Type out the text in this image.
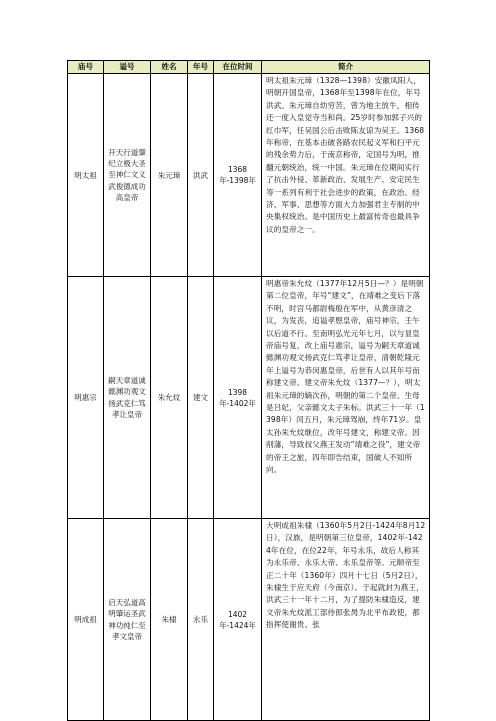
庙号	谥号	姓名	年号	在位时间	简介
明太祖	开天行道肇纪立极大圣至神仁文义武俊德成功高皇帝	朱元璋	洪武	1368年-1398年	明太祖朱元璋（1328—1398）安徽凤阳人，明朝开国皇帝，1368年至1398年在位，年号洪武。朱元璋自幼穷苦，曾为地主放牛，相传还一度入皇觉寺当和尚。25岁时参加郭子兴的红巾军，任吴国公后击败陈友谅为吴王。1368年称帝，在基本击破各路农民起义军和扫平元的残余势力后，于南京称帝，定国号为明，推翻元朝统治，统一中国。朱元璋在位期间实行了抗击外侵、革新政治、发展生产、安定民生等一系列有利于社会进步的政策，在政治、经济、军事、思想等方面大力加强君主专制的中央集权统治。是中国历史上最富传奇也最具争议的皇帝之一。
明惠宗	嗣天章道诚懿渊功观文扬武克仁笃孝让皇帝	朱允炆	建文	1398年-1402年	明惠帝朱允炆（1377年12月5日—？）是明朝第二位皇帝，年号“建文”，在靖难之变后下落不明，时宫马都尉梅殷在军中，从黄彦清之议，为发丧，追谥孝愍皇帝，庙号神宗，壬午以后道不行。至南明弘光元年七月，以与显皇帝庙号复，改上庙号惠宗，谥号为嗣天章道诚懿渊功观文扬武克仁笃孝让皇帝，清朝乾隆元年上谥号为恭闵惠皇帝，后世有人以其年号而称建文帝。建文帝朱允炆（1377—？），明太祖朱元璋的嫡次孙，明朝的第二个皇帝。生母是吕妃，父亲懿文太子朱标。洪武三十一年（1398年）闰五月，朱元璋驾崩，终年71岁。皇太孙朱允炆继位，改年号建文，称建文帝。因削藩，导致叔父燕王发动“靖难之役”，建文帝的帝王之旅，四年即告结束，国破人不知所向。
明成祖	启天弘道高明肇运圣武神功纯仁至孝文皇帝	朱棣	永乐	1402年-1424年	大明成祖朱棣（1360年5月2日-1424年8月12日），汉族，是明朝第三位皇帝，1402年-1424年在位，在位22年，年号永乐，故后人称其为永乐帝、永乐大帝、永乐皇帝等。元顺帝至正二十年（1360年）四月十七日（5月2日），朱棣生于应天府（今南京）。于起就封为燕王，洪武三十一年十二月，为了提防朱棣造反，建文帝朱允炆派工部侍郎张昺为北平布政使，都指挥使谢贵、张
